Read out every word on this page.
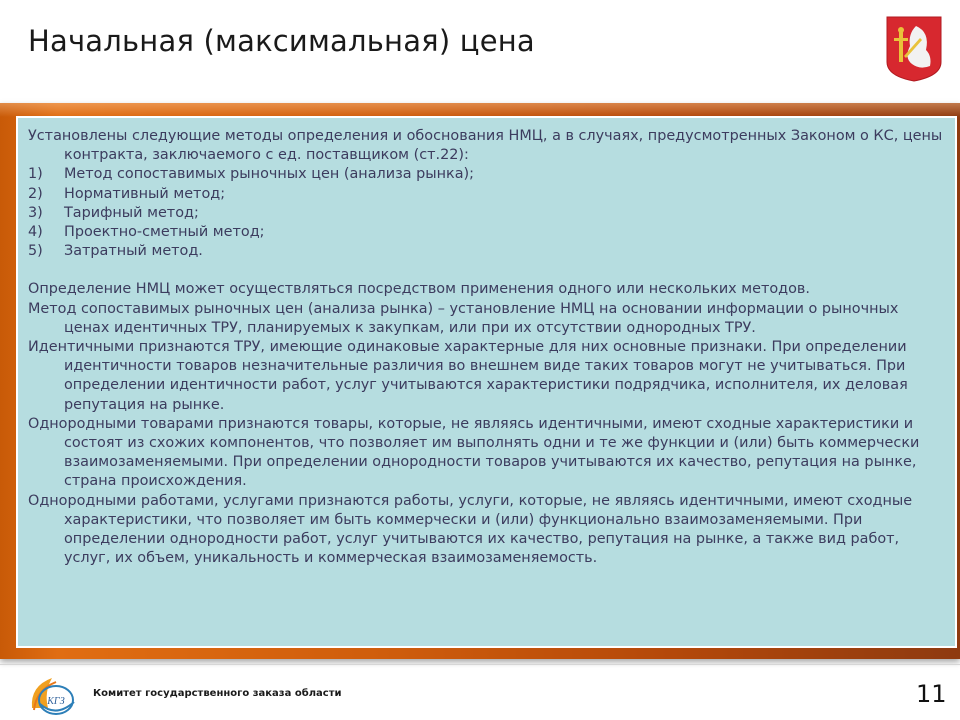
Начальная (максимальная) цена

Установлены следующие методы определения и обоснования НМЦ, а в случаях, предусмотренных Законом о КС, цены контракта, заключаемого с ед. поставщиком (ст.22):

1)	Метод сопоставимых рыночных цен (анализа рынка);
2)	Нормативный метод;
3)	Тарифный метод;
4)	Проектно-сметный метод;
5)	Затратный метод.

Определение НМЦ может осуществляться посредством применения одного или нескольких методов.

Метод сопоставимых рыночных цен (анализа рынка) – установление НМЦ на основании информации о рыночных ценах идентичных ТРУ, планируемых к закупкам, или при их отсутствии однородных ТРУ.

Идентичными признаются ТРУ, имеющие одинаковые характерные для них основные признаки. При определении идентичности товаров незначительные различия во внешнем виде таких товаров могут не учитываться. При определении идентичности работ, услуг учитываются характеристики подрядчика, исполнителя, их деловая репутация на рынке.

Однородными товарами признаются товары, которые, не являясь идентичными, имеют сходные характеристики и состоят из схожих компонентов, что позволяет им выполнять одни и те же функции и (или) быть коммерчески взаимозаменяемыми. При определении однородности товаров учитываются их качество, репутация на рынке, страна происхождения.

Однородными работами, услугами признаются работы, услуги, которые, не являясь идентичными, имеют сходные характеристики, что позволяет им быть коммерчески и (или) функционально взаимозаменяемыми. При определении однородности работ, услуг учитываются их качество, репутация на рынке, а также вид работ, услуг, их объем, уникальность и коммерческая взаимозаменяемость.

КГЗ
Комитет государственного заказа области	11
